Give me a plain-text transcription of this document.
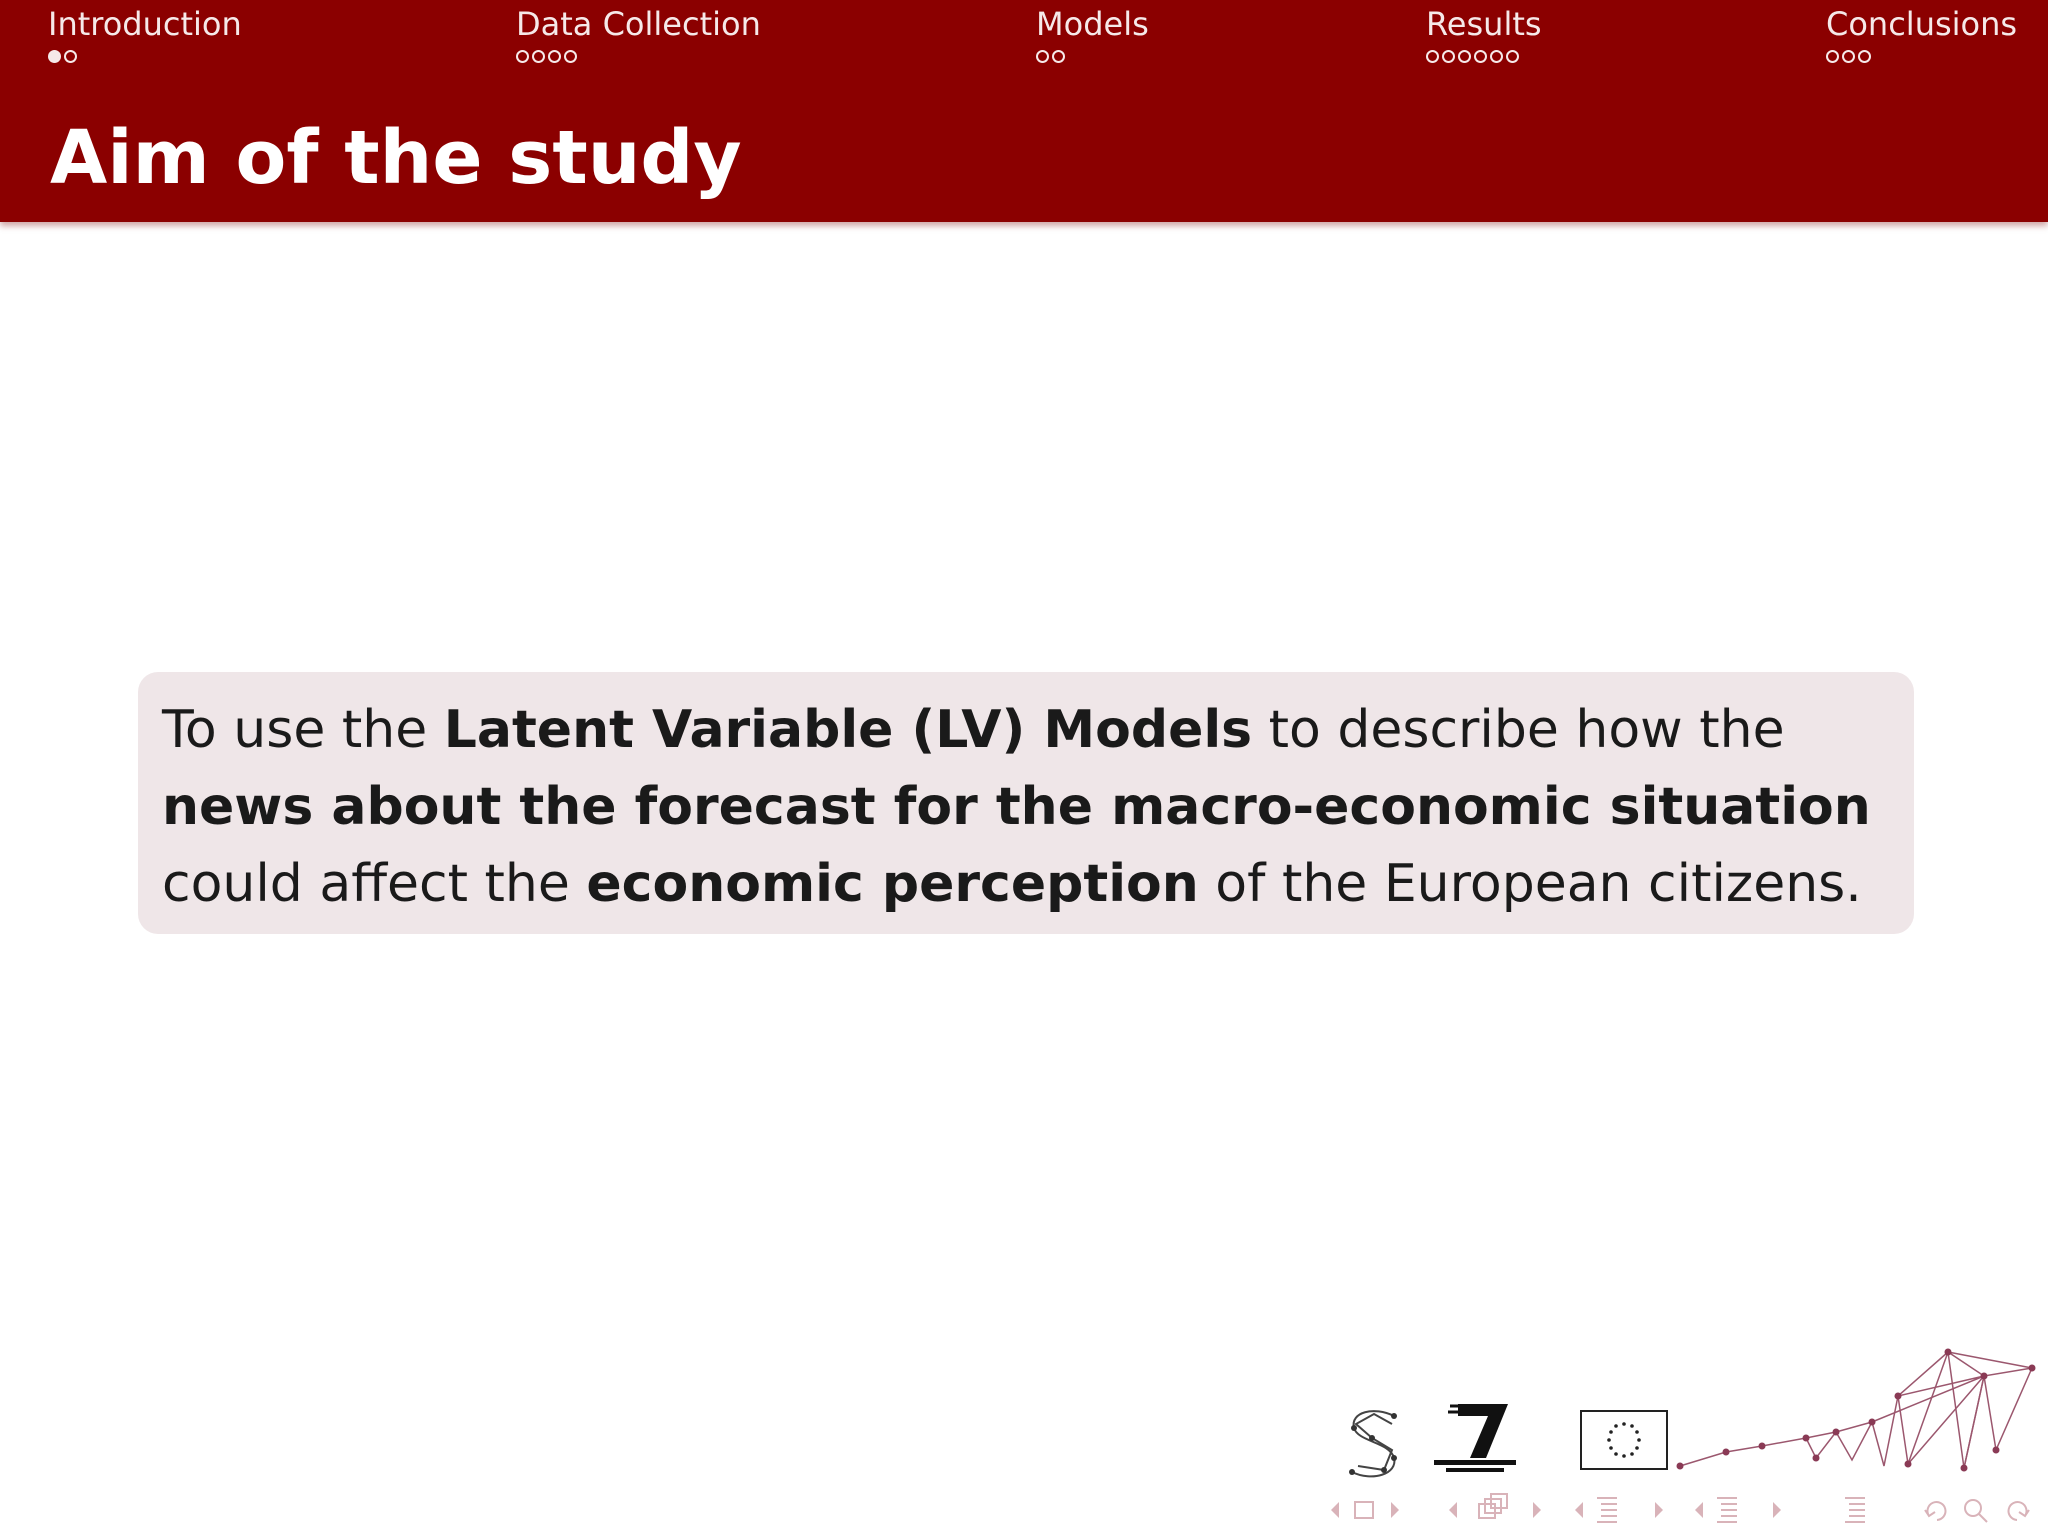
Introduction	Data Collection	Models	Results	Conclusions
Aim of the study
To use the Latent Variable (LV) Models to describe how the
news about the forecast for the macro-economic situation
could affect the economic perception of the European citizens.
